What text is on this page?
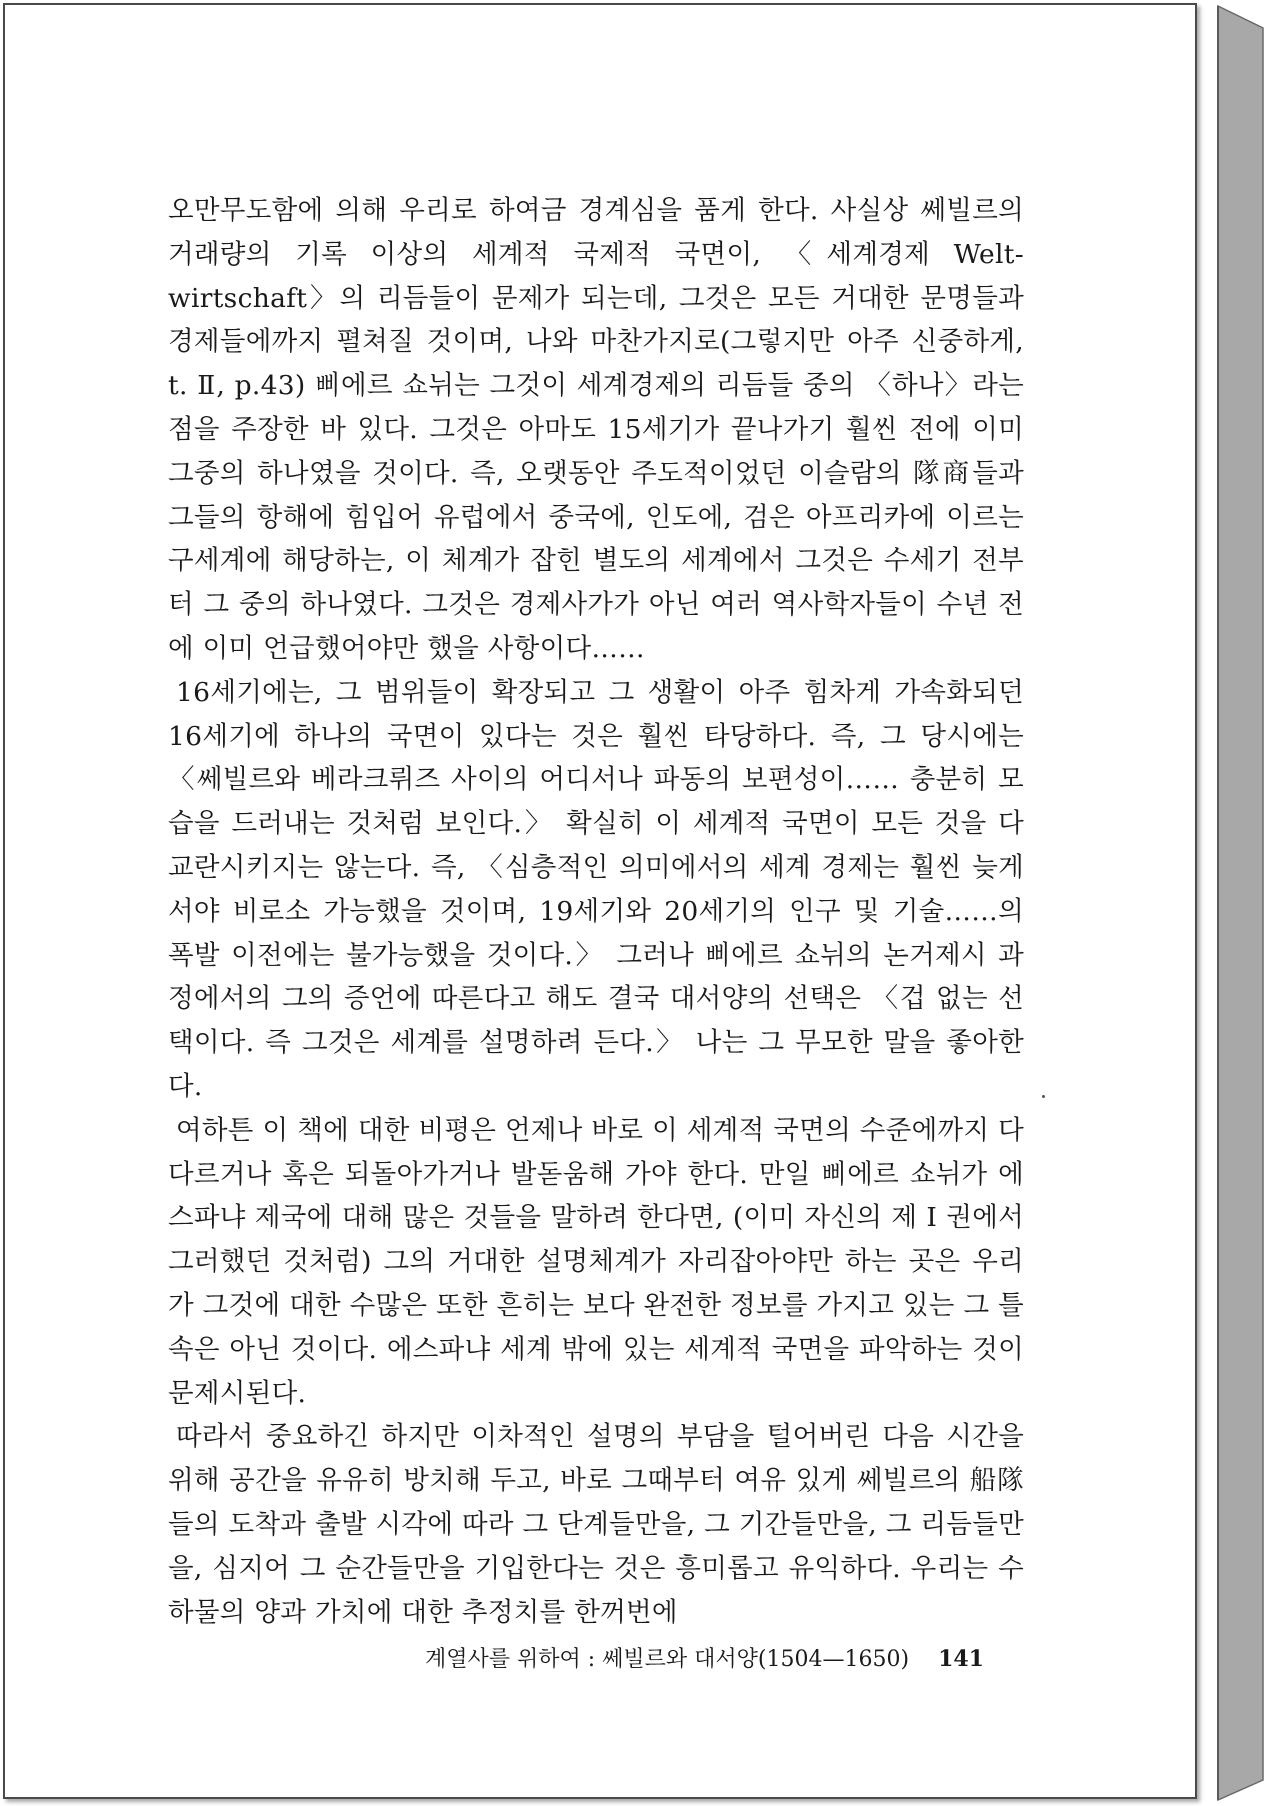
오만무도함에 의해 우리로 하여금 경계심을 품게 한다. 사실상 쎄빌르의 거래량의 기록 이상의 세계적 국제적 국면이, 〈세계경제 Welt-wirtschaft〉의 리듬들이 문제가 되는데, 그것은 모든 거대한 문명들과 경제들에까지 펼쳐질 것이며, 나와 마찬가지로(그렇지만 아주 신중하게, t. Ⅱ, p.43) 삐에르 쇼뉘는 그것이 세계경제의 리듬들 중의 〈하나〉라는 점을 주장한 바 있다. 그것은 아마도 15세기가 끝나가기 훨씬 전에 이미 그중의 하나였을 것이다. 즉, 오랫동안 주도적이었던 이슬람의 隊商들과 그들의 항해에 힘입어 유럽에서 중국에, 인도에, 검은 아프리카에 이르는 구세계에 해당하는, 이 체계가 잡힌 별도의 세계에서 그것은 수세기 전부터 그 중의 하나였다. 그것은 경제사가가 아닌 여러 역사학자들이 수년 전에 이미 언급했어야만 했을 사항이다……

16세기에는, 그 범위들이 확장되고 그 생활이 아주 힘차게 가속화되던 16세기에 하나의 국면이 있다는 것은 훨씬 타당하다. 즉, 그 당시에는 〈쎄빌르와 베라크뤼즈 사이의 어디서나 파동의 보편성이…… 충분히 모습을 드러내는 것처럼 보인다.〉 확실히 이 세계적 국면이 모든 것을 다 교란시키지는 않는다. 즉, 〈심층적인 의미에서의 세계 경제는 훨씬 늦게서야 비로소 가능했을 것이며, 19세기와 20세기의 인구 및 기술……의 폭발 이전에는 불가능했을 것이다.〉 그러나 삐에르 쇼뉘의 논거제시 과정에서의 그의 증언에 따른다고 해도 결국 대서양의 선택은 〈겁 없는 선택이다. 즉 그것은 세계를 설명하려 든다.〉 나는 그 무모한 말을 좋아한다.

여하튼 이 책에 대한 비평은 언제나 바로 이 세계적 국면의 수준에까지 다다르거나 혹은 되돌아가거나 발돋움해 가야 한다. 만일 삐에르 쇼뉘가 에스파냐 제국에 대해 많은 것들을 말하려 한다면, (이미 자신의 제 I 권에서 그러했던 것처럼) 그의 거대한 설명체계가 자리잡아야만 하는 곳은 우리가 그것에 대한 수많은 또한 흔히는 보다 완전한 정보를 가지고 있는 그 틀 속은 아닌 것이다. 에스파냐 세계 밖에 있는 세계적 국면을 파악하는 것이 문제시된다.

따라서 중요하긴 하지만 이차적인 설명의 부담을 털어버린 다음 시간을 위해 공간을 유유히 방치해 두고, 바로 그때부터 여유 있게 쎄빌르의 船隊들의 도착과 출발 시각에 따라 그 단계들만을, 그 기간들만을, 그 리듬들만을, 심지어 그 순간들만을 기입한다는 것은 흥미롭고 유익하다. 우리는 수하물의 양과 가치에 대한 추정치를 한꺼번에

계열사를 위하여 : 쎄빌르와 대서양(1504—1650) 141
